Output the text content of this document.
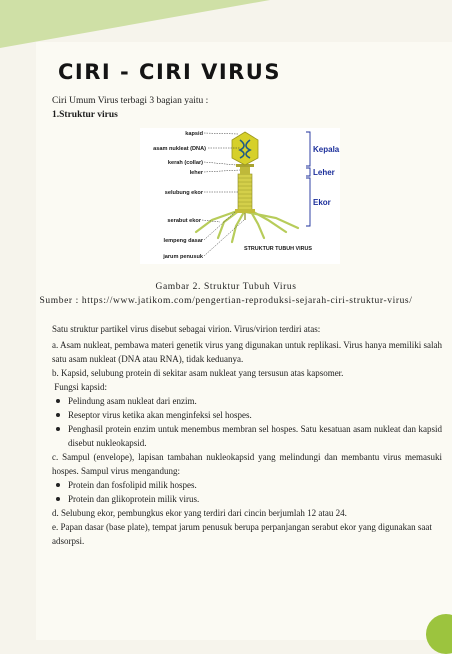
CIRI - CIRI VIRUS
Ciri Umum Virus terbagi 3 bagian yaitu :
1.Struktur virus
kapsid
asam nukleat (DNA)
kerah (collar)
leher
selubung ekor
serabut ekor
lempeng dasar
jarum penusuk
Kepala
Leher
Ekor
STRUKTUR TUBUH VIRUS
Gambar 2. Struktur Tubuh Virus
Sumber : https://www.jatikom.com/pengertian-reproduksi-sejarah-ciri-struktur-virus/

Satu struktur partikel virus disebut sebagai virion. Virus/virion terdiri atas:

a. Asam nukleat, pembawa materi genetik virus yang digunakan untuk replikasi. Virus hanya memiliki salah satu asam nukleat (DNA atau RNA), tidak keduanya.

b. Kapsid, selubung protein di sekitar asam nukleat yang tersusun atas kapsomer.

Fungsi kapsid:

Pelindung asam nukleat dari enzim.
Reseptor virus ketika akan menginfeksi sel hospes.
Penghasil protein enzim untuk menembus membran sel hospes. Satu kesatuan asam nukleat dan kapsid disebut nukleokapsid.

c. Sampul (envelope), lapisan tambahan nukleokapsid yang melindungi dan membantu virus memasuki hospes. Sampul virus mengandung:

Protein dan fosfolipid milik hospes.
Protein dan glikoprotein milik virus.

d. Selubung ekor, pembungkus ekor yang terdiri dari cincin berjumlah 12 atau 24.

e. Papan dasar (base plate), tempat jarum penusuk berupa perpanjangan serabut ekor yang digunakan saat adsorpsi.
